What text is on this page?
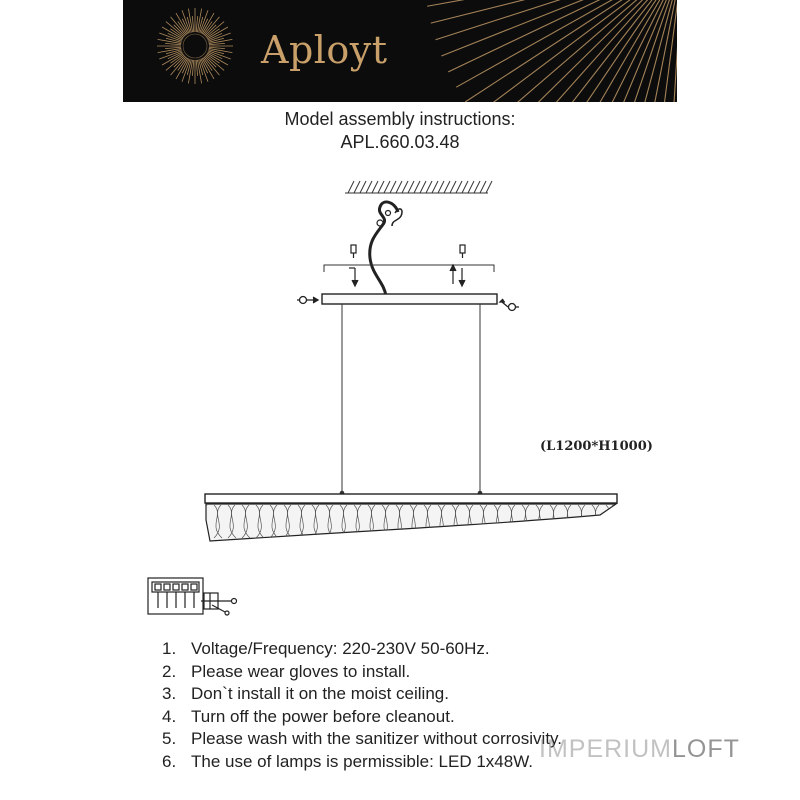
Aployt
Model assembly instructions:
APL.660.03.48
(L1200*H1000)
1. Voltage/Frequency: 220-230V 50-60Hz.
2. Please wear gloves to install.
3. Don`t install it on the moist ceiling.
4. Turn off the power before cleanout.
5. Please wash with the sanitizer without corrosivity.
6. The use of lamps is permissible: LED 1x48W. IMPERIUMLOFT
